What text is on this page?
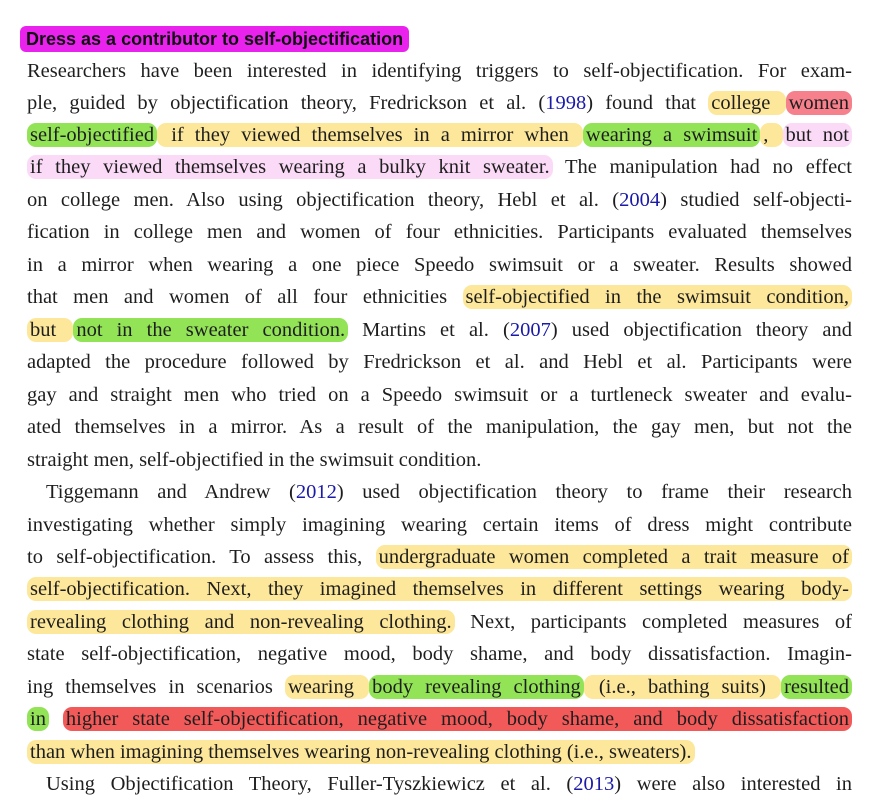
Dress as a contributor to self-objectification
Researchers have been interested in identifying triggers to self-objectification. For exam-
ple, guided by objectification theory, Fredrickson et al. (1998) found that college women
self-objectified if they viewed themselves in a mirror when wearing a swimsuit , but not
if they viewed themselves wearing a bulky knit sweater. The manipulation had no effect
on college men. Also using objectification theory, Hebl et al. (2004) studied self-objecti-
fication in college men and women of four ethnicities. Participants evaluated themselves
in a mirror when wearing a one piece Speedo swimsuit or a sweater. Results showed
that men and women of all four ethnicities self-objectified in the swimsuit condition,
but not in the sweater condition. Martins et al. (2007) used objectification theory and
adapted the procedure followed by Fredrickson et al. and Hebl et al. Participants were
gay and straight men who tried on a Speedo swimsuit or a turtleneck sweater and evalu-
ated themselves in a mirror. As a result of the manipulation, the gay men, but not the
straight men, self-objectified in the swimsuit condition.
Tiggemann and Andrew (2012) used objectification theory to frame their research
investigating whether simply imagining wearing certain items of dress might contribute
to self-objectification. To assess this, undergraduate women completed a trait measure of
self-objectification. Next, they imagined themselves in different settings wearing body-
revealing clothing and non-revealing clothing. Next, participants completed measures of
state self-objectification, negative mood, body shame, and body dissatisfaction. Imagin-
ing themselves in scenarios wearing body revealing clothing (i.e., bathing suits) resulted
in higher state self-objectification, negative mood, body shame, and body dissatisfaction
than when imagining themselves wearing non-revealing clothing (i.e., sweaters).
Using Objectification Theory, Fuller-Tyszkiewicz et al. (2013) were also interested in
